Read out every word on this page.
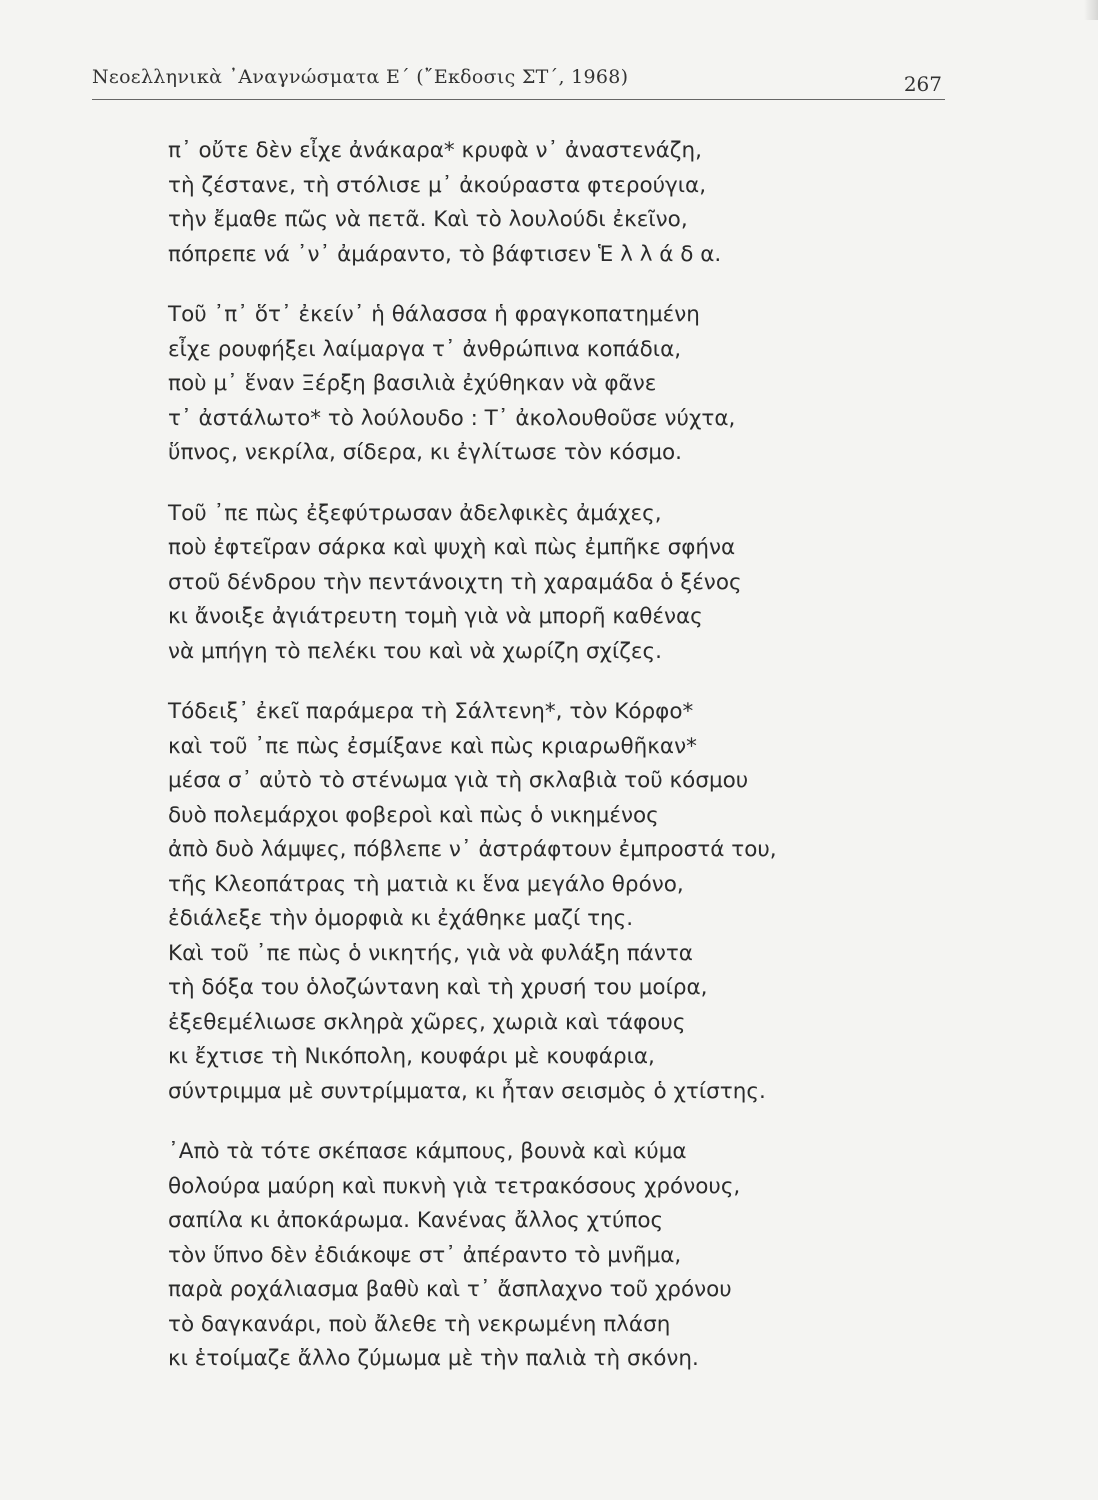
Νεοελληνικὰ ᾽Αναγνώσματα Ε΄ (῎Εκδοσις ΣΤ΄, 1968)	267
π᾽ οὔτε δὲν εἶχε ἀνάκαρα* κρυφὰ ν᾽ ἀναστενάζη,
τὴ ζέστανε, τὴ στόλισε μ᾽ ἀκούραστα φτερούγια,
τὴν ἔμαθε πῶς νὰ πετᾶ. Καὶ τὸ λουλούδι ἐκεῖνο,
πόπρεπε νά ᾽ν᾽ ἀμάραντο, τὸ βάφτισεν Ἑ λ λ ά δ α.
Τοῦ ᾽π᾽ ὅτ᾽ ἐκείν᾽ ἡ θάλασσα ἡ φραγκοπατημένη
εἶχε ρουφήξει λαίμαργα τ᾽ ἀνθρώπινα κοπάδια,
ποὺ μ᾽ ἕναν Ξέρξη βασιλιὰ ἐχύθηκαν νὰ φᾶνε
τ᾽ ἀστάλωτο* τὸ λούλουδο : Τ᾽ ἀκολουθοῦσε νύχτα,
ὕπνος, νεκρίλα, σίδερα, κι ἐγλίτωσε τὸν κόσμο.
Τοῦ ᾽πε πὼς ἐξεφύτρωσαν ἀδελφικὲς ἀμάχες,
ποὺ ἐφτεῖραν σάρκα καὶ ψυχὴ καὶ πὼς ἐμπῆκε σφήνα
στοῦ δένδρου τὴν πεντάνοιχτη τὴ χαραμάδα ὁ ξένος
κι ἄνοιξε ἀγιάτρευτη τομὴ γιὰ νὰ μπορῆ καθένας
νὰ μπήγη τὸ πελέκι του καὶ νὰ χωρίζη σχίζες.
Τόδειξ᾽ ἐκεῖ παράμερα τὴ Σάλτενη*, τὸν Κόρφο*
καὶ τοῦ ᾽πε πὼς ἐσμίξανε καὶ πὼς κριαρωθῆκαν*
μέσα σ᾽ αὐτὸ τὸ στένωμα γιὰ τὴ σκλαβιὰ τοῦ κόσμου
δυὸ πολεμάρχοι φοβεροὶ καὶ πὼς ὁ νικημένος
ἀπὸ δυὸ λάμψες, πόβλεπε ν᾽ ἀστράφτουν ἐμπροστά του,
τῆς Κλεοπάτρας τὴ ματιὰ κι ἕνα μεγάλο θρόνο,
ἐδιάλεξε τὴν ὀμορφιὰ κι ἐχάθηκε μαζί της.
Καὶ τοῦ ᾽πε πὼς ὁ νικητής, γιὰ νὰ φυλάξη πάντα
τὴ δόξα του ὁλοζώντανη καὶ τὴ χρυσή του μοίρα,
ἐξεθεμέλιωσε σκληρὰ χῶρες, χωριὰ καὶ τάφους
κι ἔχτισε τὴ Νικόπολη, κουφάρι μὲ κουφάρια,
σύντριμμα μὲ συντρίμματα, κι ἦταν σεισμὸς ὁ χτίστης.
᾽Απὸ τὰ τότε σκέπασε κάμπους, βουνὰ καὶ κύμα
θολούρα μαύρη καὶ πυκνὴ γιὰ τετρακόσους χρόνους,
σαπίλα κι ἀποκάρωμα. Κανένας ἄλλος χτύπος
τὸν ὕπνο δὲν ἐδιάκοψε στ᾽ ἀπέραντο τὸ μνῆμα,
παρὰ ροχάλιασμα βαθὺ καὶ τ᾽ ἄσπλαχνο τοῦ χρόνου
τὸ δαγκανάρι, ποὺ ἄλεθε τὴ νεκρωμένη πλάση
κι ἑτοίμαζε ἄλλο ζύμωμα μὲ τὴν παλιὰ τὴ σκόνη.
